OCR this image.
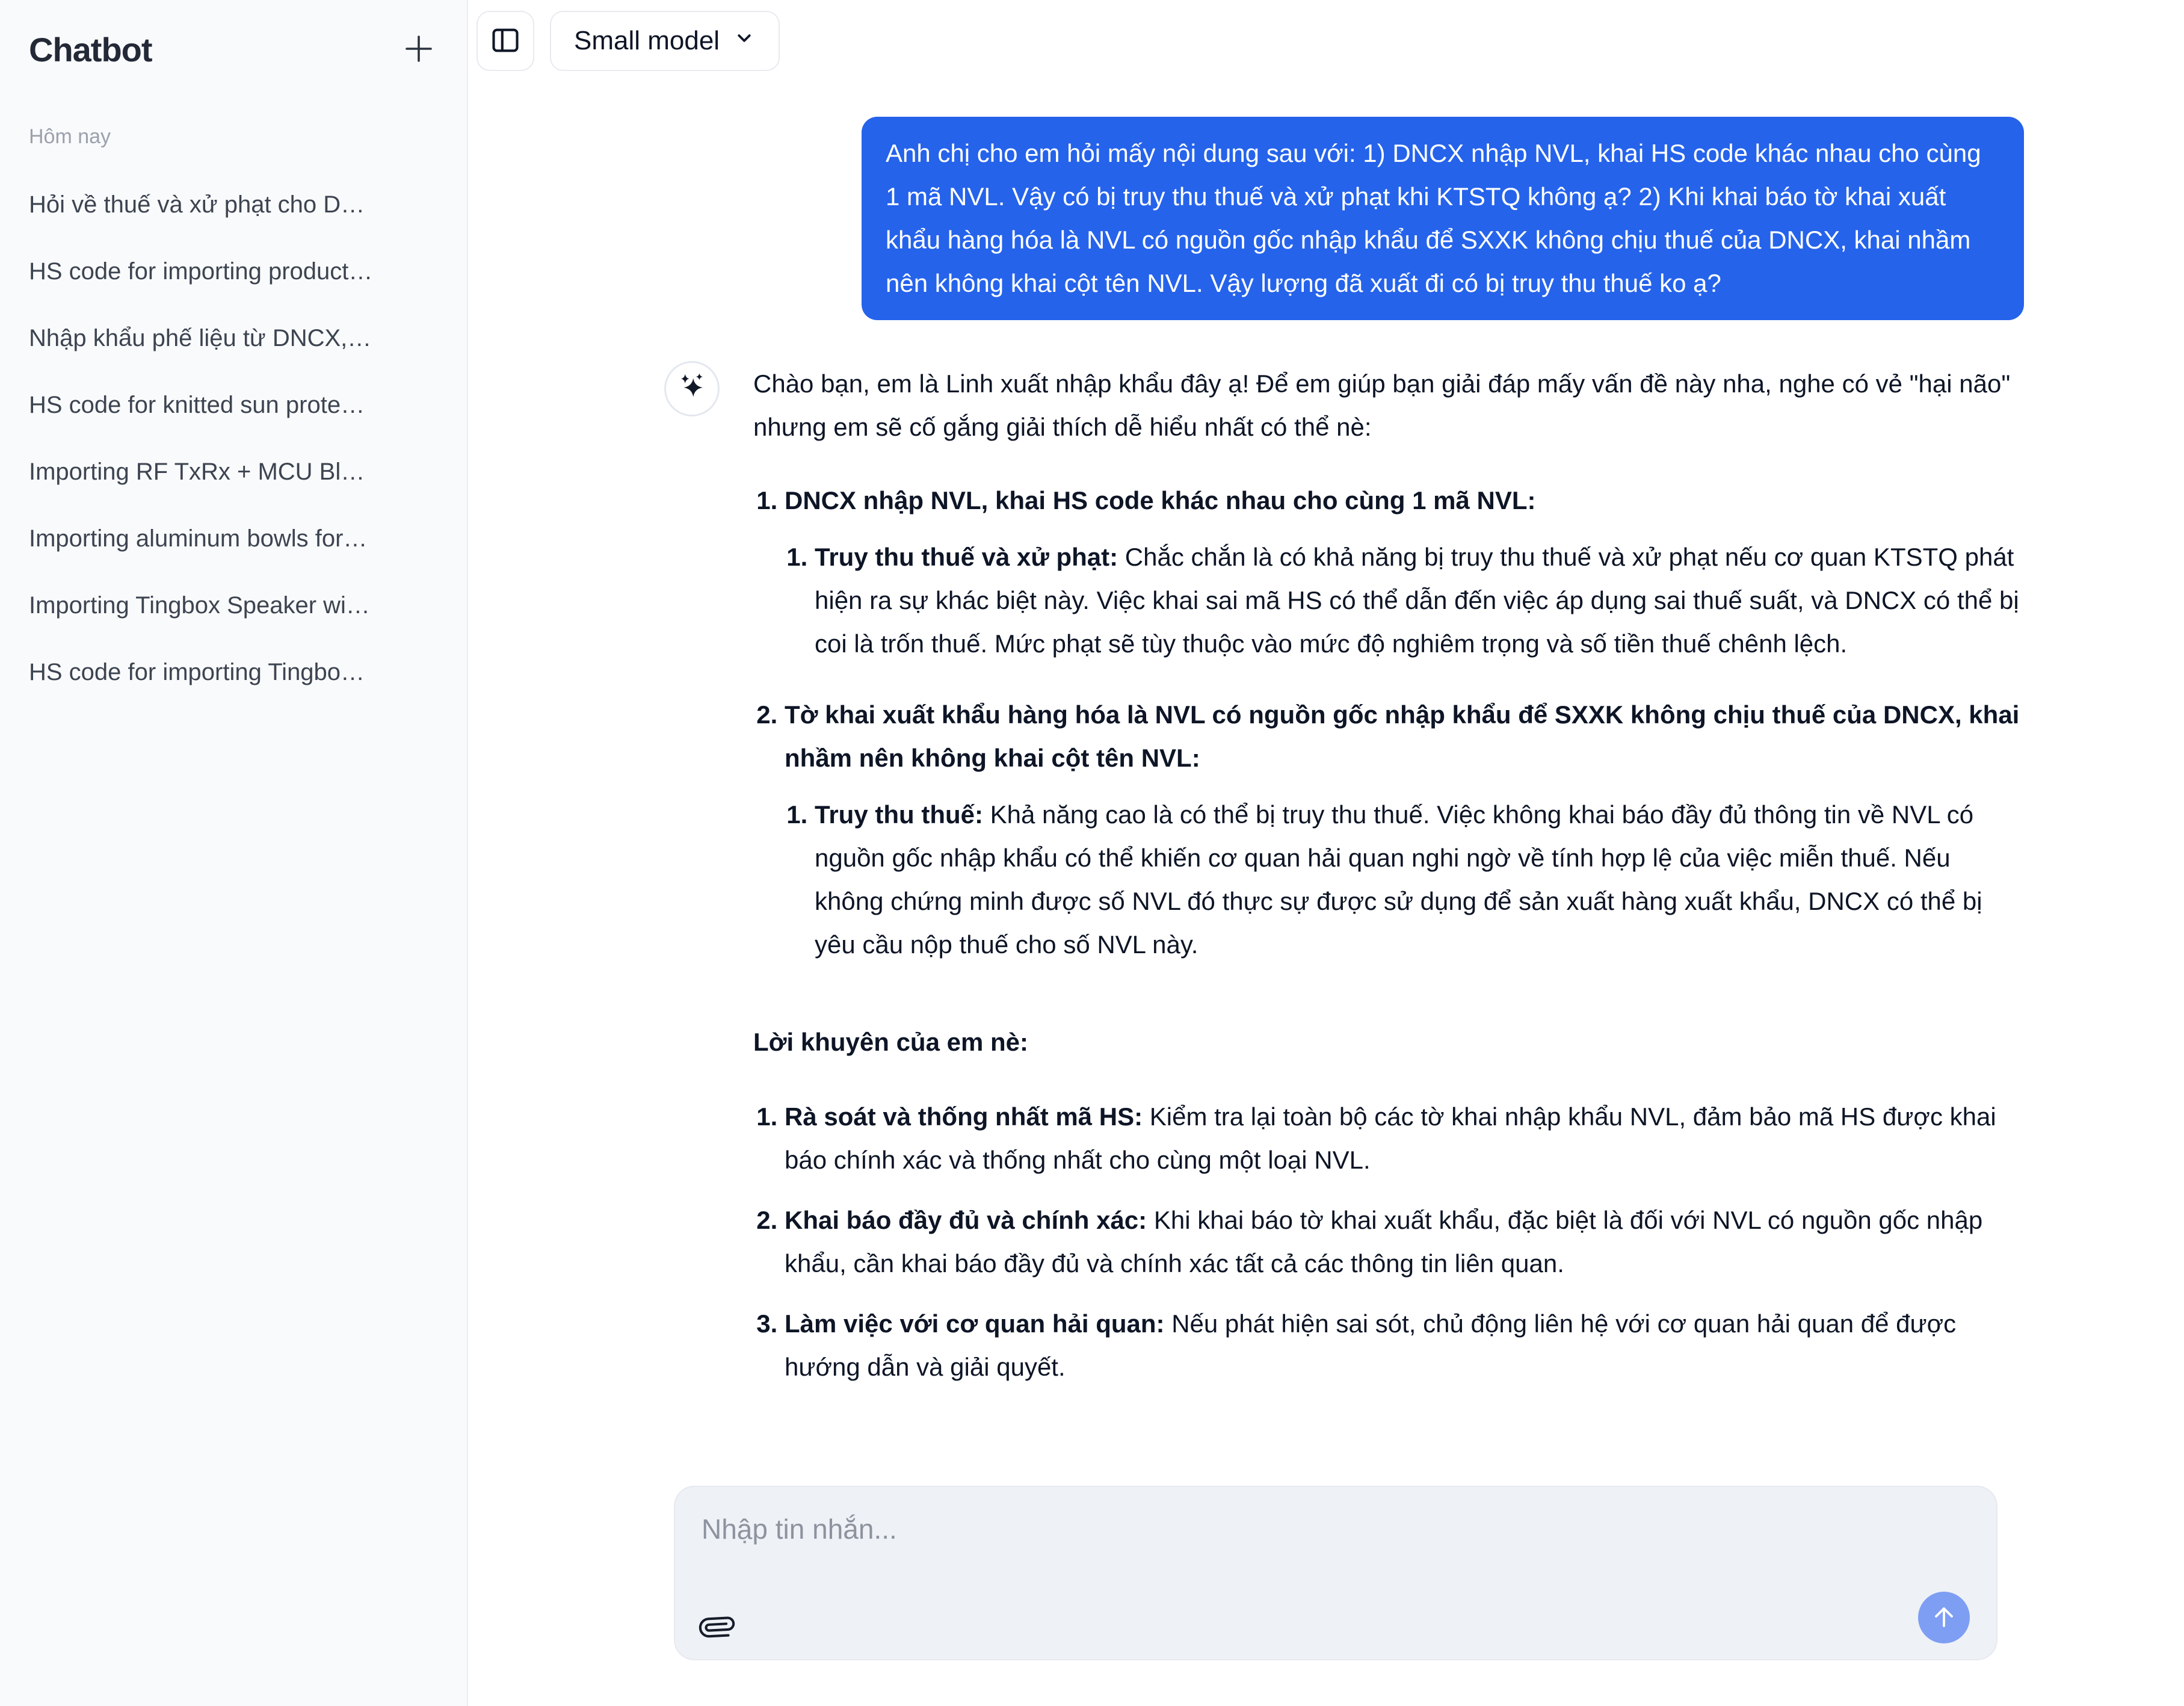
Chatbot
Hôm nay
Hỏi về thuế và xử phạt cho D…
HS code for importing product…
Nhập khẩu phế liệu từ DNCX,…
HS code for knitted sun prote…
Importing RF TxRx + MCU Bl…
Importing aluminum bowls for…
Importing Tingbox Speaker wi…
HS code for importing Tingbo…
Small model
Anh chị cho em hỏi mấy nội dung sau với: 1) DNCX nhập NVL, khai HS code khác nhau cho cùng 1 mã NVL. Vậy có bị truy thu thuế và xử phạt khi KTSTQ không ạ? 2) Khi khai báo tờ khai xuất khẩu hàng hóa là NVL có nguồn gốc nhập khẩu để SXXK không chịu thuế của DNCX, khai nhầm nên không khai cột tên NVL. Vậy lượng đã xuất đi có bị truy thu thuế ko ạ?

Chào bạn, em là Linh xuất nhập khẩu đây ạ! Để em giúp bạn giải đáp mấy vấn đề này nha, nghe có vẻ "hại não" nhưng em sẽ cố gắng giải thích dễ hiểu nhất có thể nè:

1. DNCX nhập NVL, khai HS code khác nhau cho cùng 1 mã NVL:
1. Truy thu thuế và xử phạt: Chắc chắn là có khả năng bị truy thu thuế và xử phạt nếu cơ quan KTSTQ phát hiện ra sự khác biệt này. Việc khai sai mã HS có thể dẫn đến việc áp dụng sai thuế suất, và DNCX có thể bị coi là trốn thuế. Mức phạt sẽ tùy thuộc vào mức độ nghiêm trọng và số tiền thuế chênh lệch.
2. Tờ khai xuất khẩu hàng hóa là NVL có nguồn gốc nhập khẩu để SXXK không chịu thuế của DNCX, khai nhầm nên không khai cột tên NVL:
1. Truy thu thuế: Khả năng cao là có thể bị truy thu thuế. Việc không khai báo đầy đủ thông tin về NVL có nguồn gốc nhập khẩu có thể khiến cơ quan hải quan nghi ngờ về tính hợp lệ của việc miễn thuế. Nếu không chứng minh được số NVL đó thực sự được sử dụng để sản xuất hàng xuất khẩu, DNCX có thể bị yêu cầu nộp thuế cho số NVL này.
Lời khuyên của em nè:
1. Rà soát và thống nhất mã HS: Kiểm tra lại toàn bộ các tờ khai nhập khẩu NVL, đảm bảo mã HS được khai báo chính xác và thống nhất cho cùng một loại NVL.
2. Khai báo đầy đủ và chính xác: Khi khai báo tờ khai xuất khẩu, đặc biệt là đối với NVL có nguồn gốc nhập khẩu, cần khai báo đầy đủ và chính xác tất cả các thông tin liên quan.
3. Làm việc với cơ quan hải quan: Nếu phát hiện sai sót, chủ động liên hệ với cơ quan hải quan để được hướng dẫn và giải quyết.
Nhập tin nhắn...
